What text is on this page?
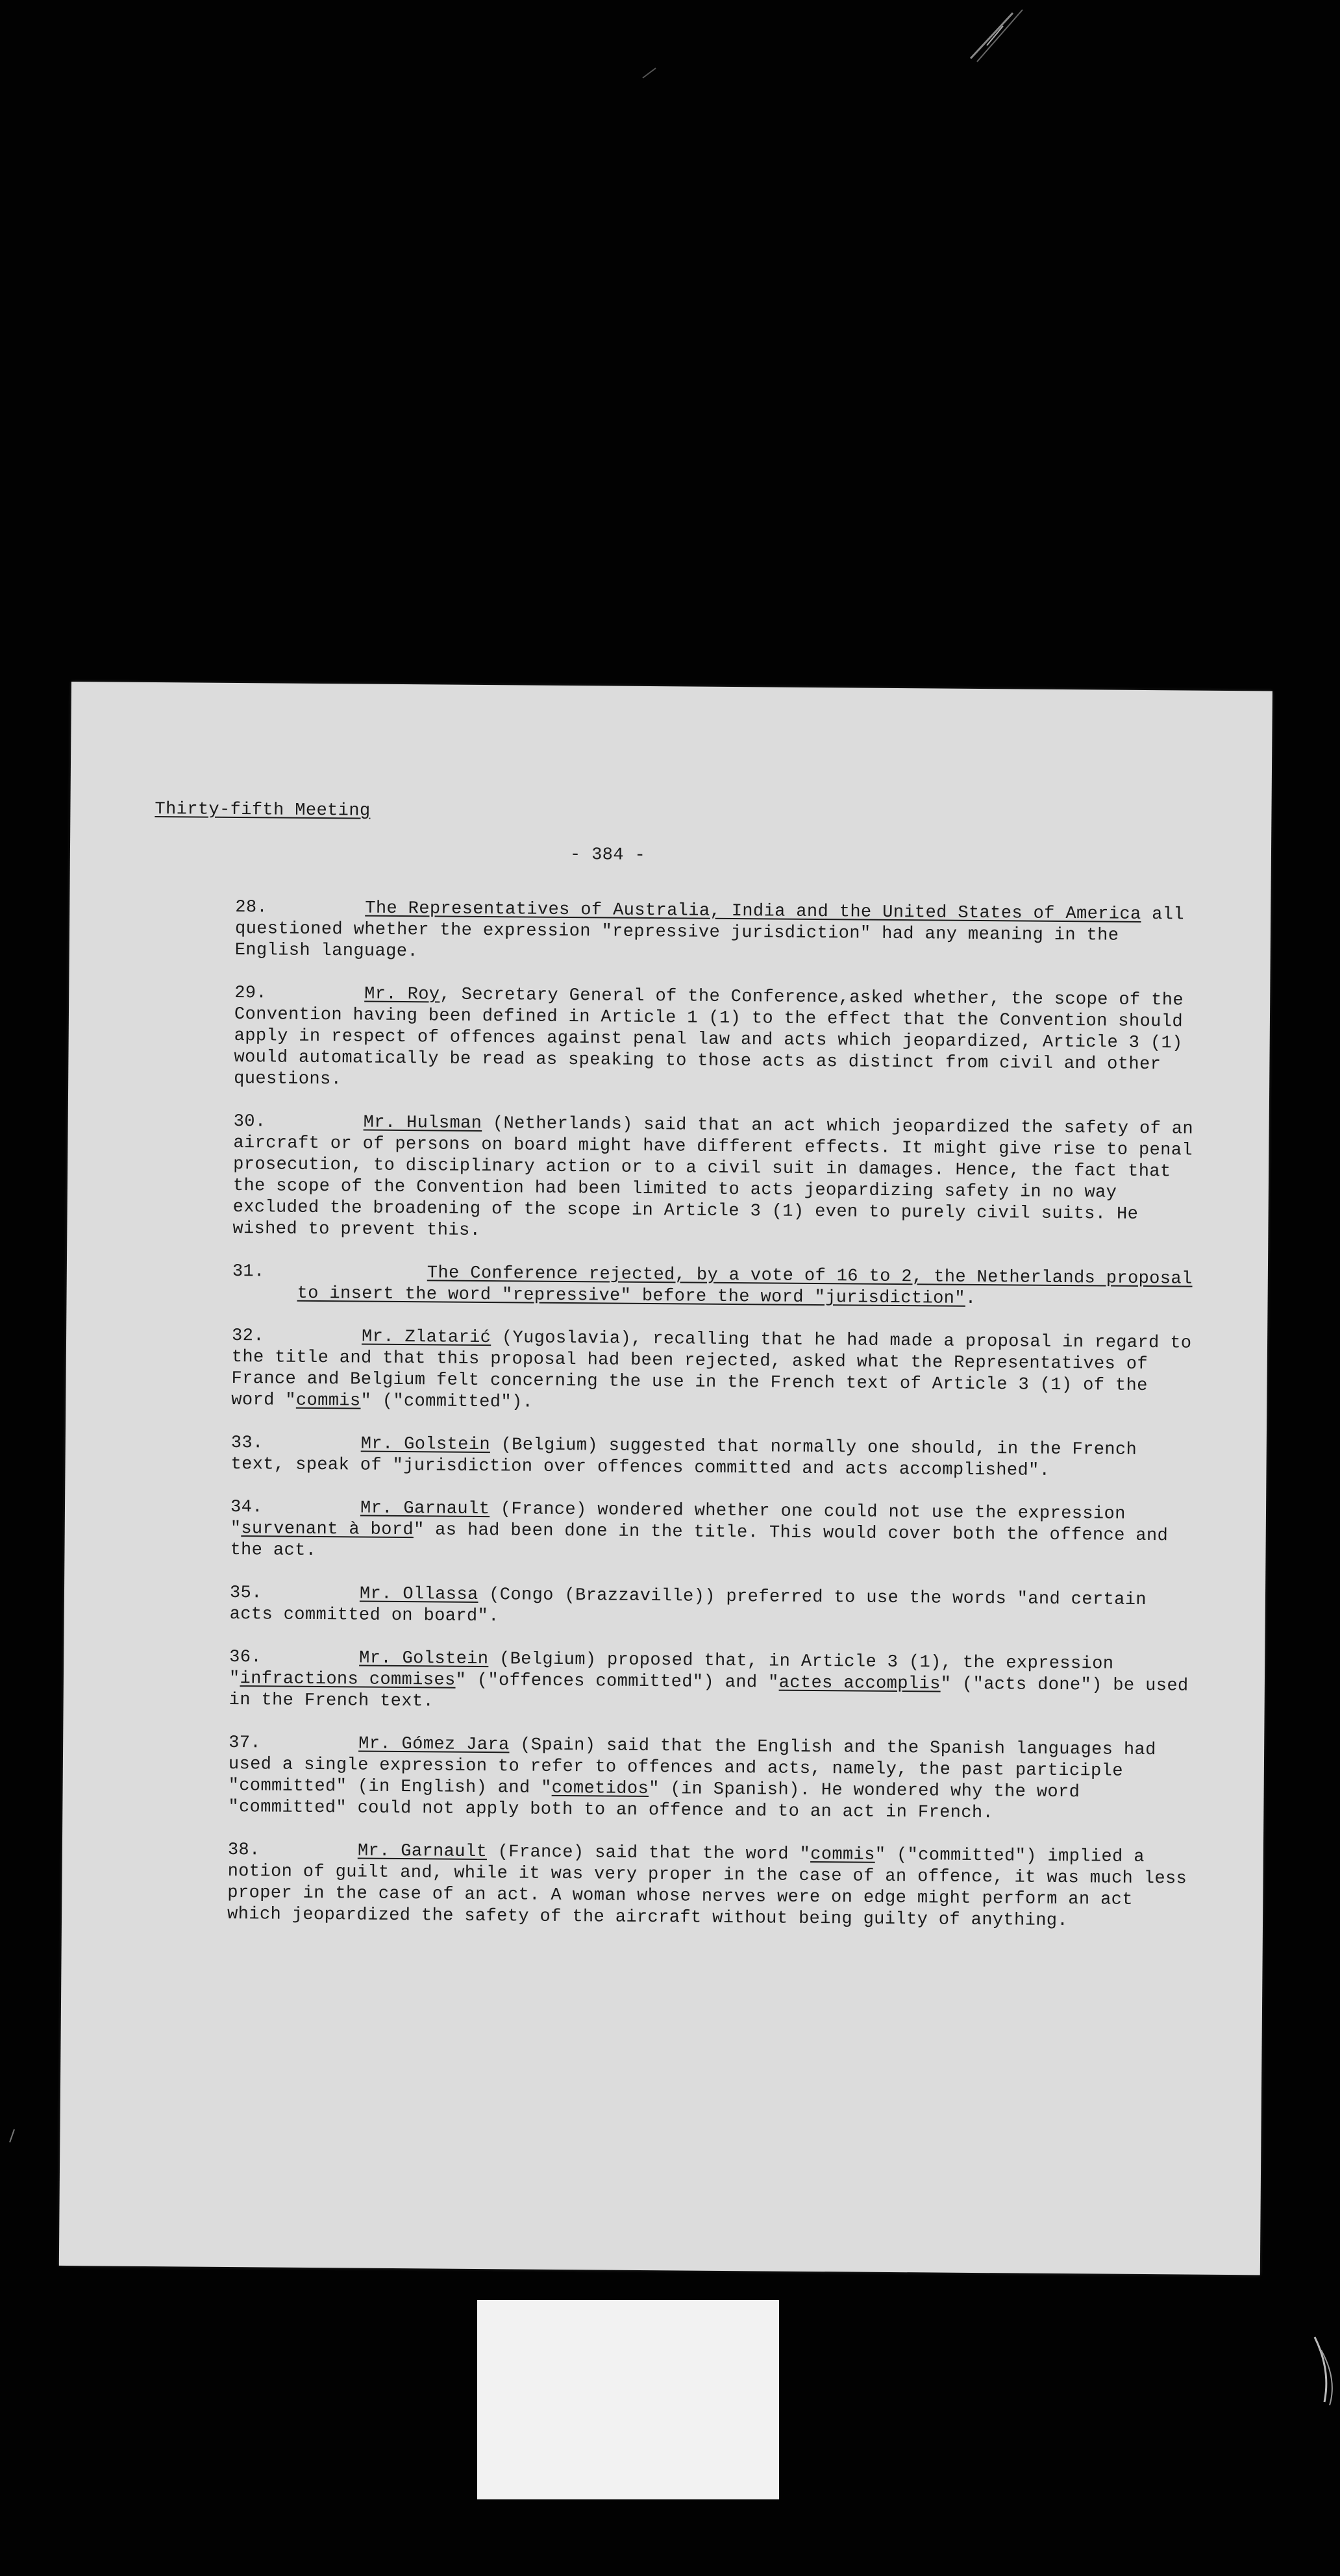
Thirty-fifth Meeting
- 384 -
28.	The Representatives of Australia, India and the United States of America all questioned whether the expression "repressive jurisdiction" had any meaning in the English language.
29.	Mr. Roy, Secretary General of the Conference,asked whether, the scope of the Convention having been defined in Article 1 (1) to the effect that the Convention should apply in respect of offences against penal law and acts which jeopardized, Article 3 (1) would automatically be read as speaking to those acts as distinct from civil and other questions.
30.	Mr. Hulsman (Netherlands) said that an act which jeopardized the safety of an aircraft or of persons on board might have different effects. It might give rise to penal prosecution, to disciplinary action or to a civil suit in damages. Hence, the fact that the scope of the Convention had been limited to acts jeopardizing safety in no way excluded the broadening of the scope in Article 3 (1) even to purely civil suits. He wished to prevent this.
31.	The Conference rejected, by a vote of 16 to 2, the Netherlands proposal to insert the word "repressive" before the word "jurisdiction".
32.	Mr. Zlatarić (Yugoslavia), recalling that he had made a proposal in regard to the title and that this proposal had been rejected, asked what the Representatives of France and Belgium felt concerning the use in the French text of Article 3 (1) of the word "commis" ("committed").
33.	Mr. Golstein (Belgium) suggested that normally one should, in the French text, speak of "jurisdiction over offences committed and acts accomplished".
34.	Mr. Garnault (France) wondered whether one could not use the expression "survenant à bord" as had been done in the title. This would cover both the offence and the act.
35.	Mr. Ollassa (Congo (Brazzaville)) preferred to use the words "and certain acts committed on board".
36.	Mr. Golstein (Belgium) proposed that, in Article 3 (1), the expression "infractions commises" ("offences committed") and "actes accomplis" ("acts done") be used in the French text.
37.	Mr. Gómez Jara (Spain) said that the English and the Spanish languages had used a single expression to refer to offences and acts, namely, the past participle "committed" (in English) and "cometidos" (in Spanish). He wondered why the word "committed" could not apply both to an offence and to an act in French.
38.	Mr. Garnault (France) said that the word "commis" ("committed") implied a notion of guilt and, while it was very proper in the case of an offence, it was much less proper in the case of an act. A woman whose nerves were on edge might perform an act which jeopardized the safety of the aircraft without being guilty of anything.
